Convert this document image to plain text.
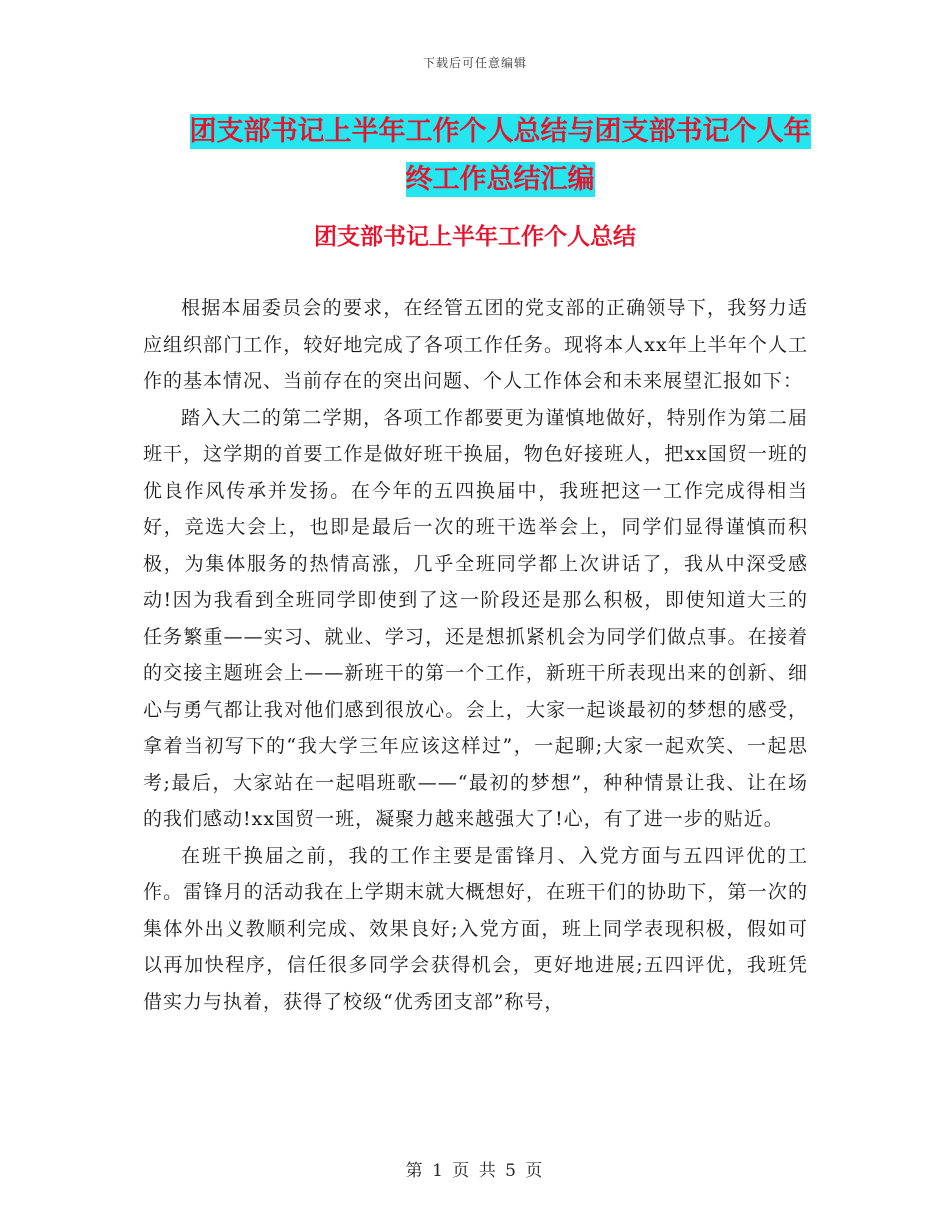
下载后可任意编辑
团支部书记上半年工作个人总结与团支部书记个人年
终工作总结汇编
团支部书记上半年工作个人总结

根据本届委员会的要求，在经管五团的党支部的正确领导下，我努力适应组织部门工作，较好地完成了各项工作任务。现将本人xx年上半年个人工作的基本情况、当前存在的突出问题、个人工作体会和未来展望汇报如下：

踏入大二的第二学期，各项工作都要更为谨慎地做好，特别作为第二届班干，这学期的首要工作是做好班干换届，物色好接班人，把xx国贸一班的优良作风传承并发扬。在今年的五四换届中，我班把这一工作完成得相当好，竞选大会上，也即是最后一次的班干选举会上，同学们显得谨慎而积极，为集体服务的热情高涨，几乎全班同学都上次讲话了，我从中深受感动!因为我看到全班同学即使到了这一阶段还是那么积极，即使知道大三的任务繁重——实习、就业、学习，还是想抓紧机会为同学们做点事。在接着的交接主题班会上——新班干的第一个工作，新班干所表现出来的创新、细心与勇气都让我对他们感到很放心。会上，大家一起谈最初的梦想的感受，拿着当初写下的“我大学三年应该这样过”，一起聊;大家一起欢笑、一起思考;最后，大家站在一起唱班歌——“最初的梦想”，种种情景让我、让在场的我们感动!xx国贸一班，凝聚力越来越强大了!心，有了进一步的贴近。

在班干换届之前，我的工作主要是雷锋月、入党方面与五四评优的工作。雷锋月的活动我在上学期末就大概想好，在班干们的协助下，第一次的集体外出义教顺利完成、效果良好;入党方面，班上同学表现积极，假如可以再加快程序，信任很多同学会获得机会，更好地进展;五四评优，我班凭借实力与执着，获得了校级“优秀团支部”称号，

第 1 页 共 5 页
